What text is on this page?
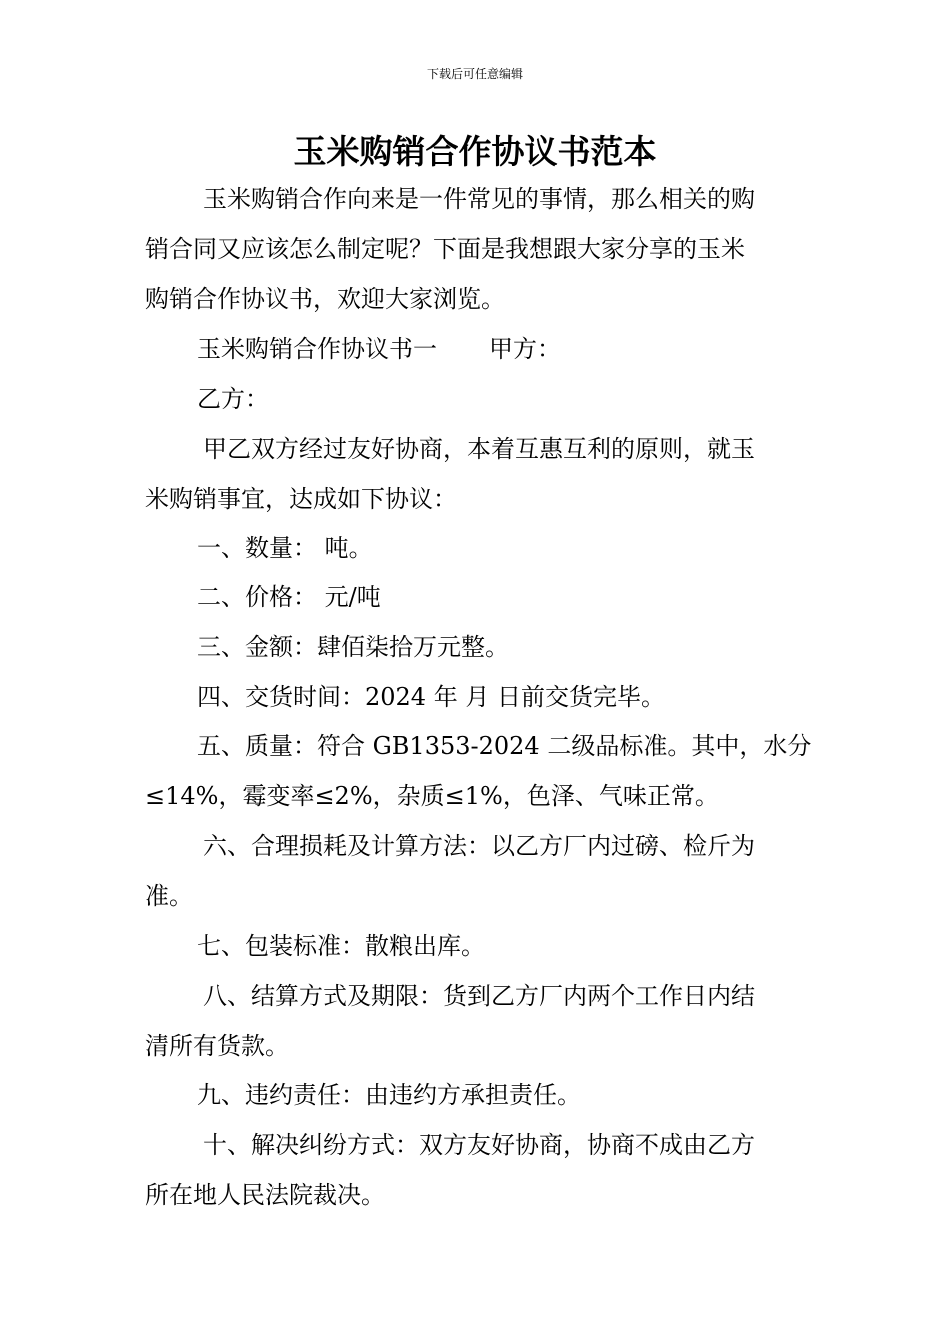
下载后可任意编辑
玉米购销合作协议书范本
玉米购销合作向来是一件常见的事情，那么相关的购
销合同又应该怎么制定呢？下面是我想跟大家分享的玉米
购销合作协议书，欢迎大家浏览。
玉米购销合作协议书一 甲方：
乙方：
甲乙双方经过友好协商，本着互惠互利的原则，就玉
米购销事宜，达成如下协议：
一、数量： 吨。
二、价格： 元/吨
三、金额：肆佰柒拾万元整。
四、交货时间：2024 年 月 日前交货完毕。
五、质量：符合 GB1353-2024 二级品标准。其中，水分
≤14%，霉变率≤2%，杂质≤1%，色泽、气味正常。
六、合理损耗及计算方法：以乙方厂内过磅、检斤为
准。
七、包装标准：散粮出库。
八、结算方式及期限：货到乙方厂内两个工作日内结
清所有货款。
九、违约责任：由违约方承担责任。
十、解决纠纷方式：双方友好协商，协商不成由乙方
所在地人民法院裁决。
